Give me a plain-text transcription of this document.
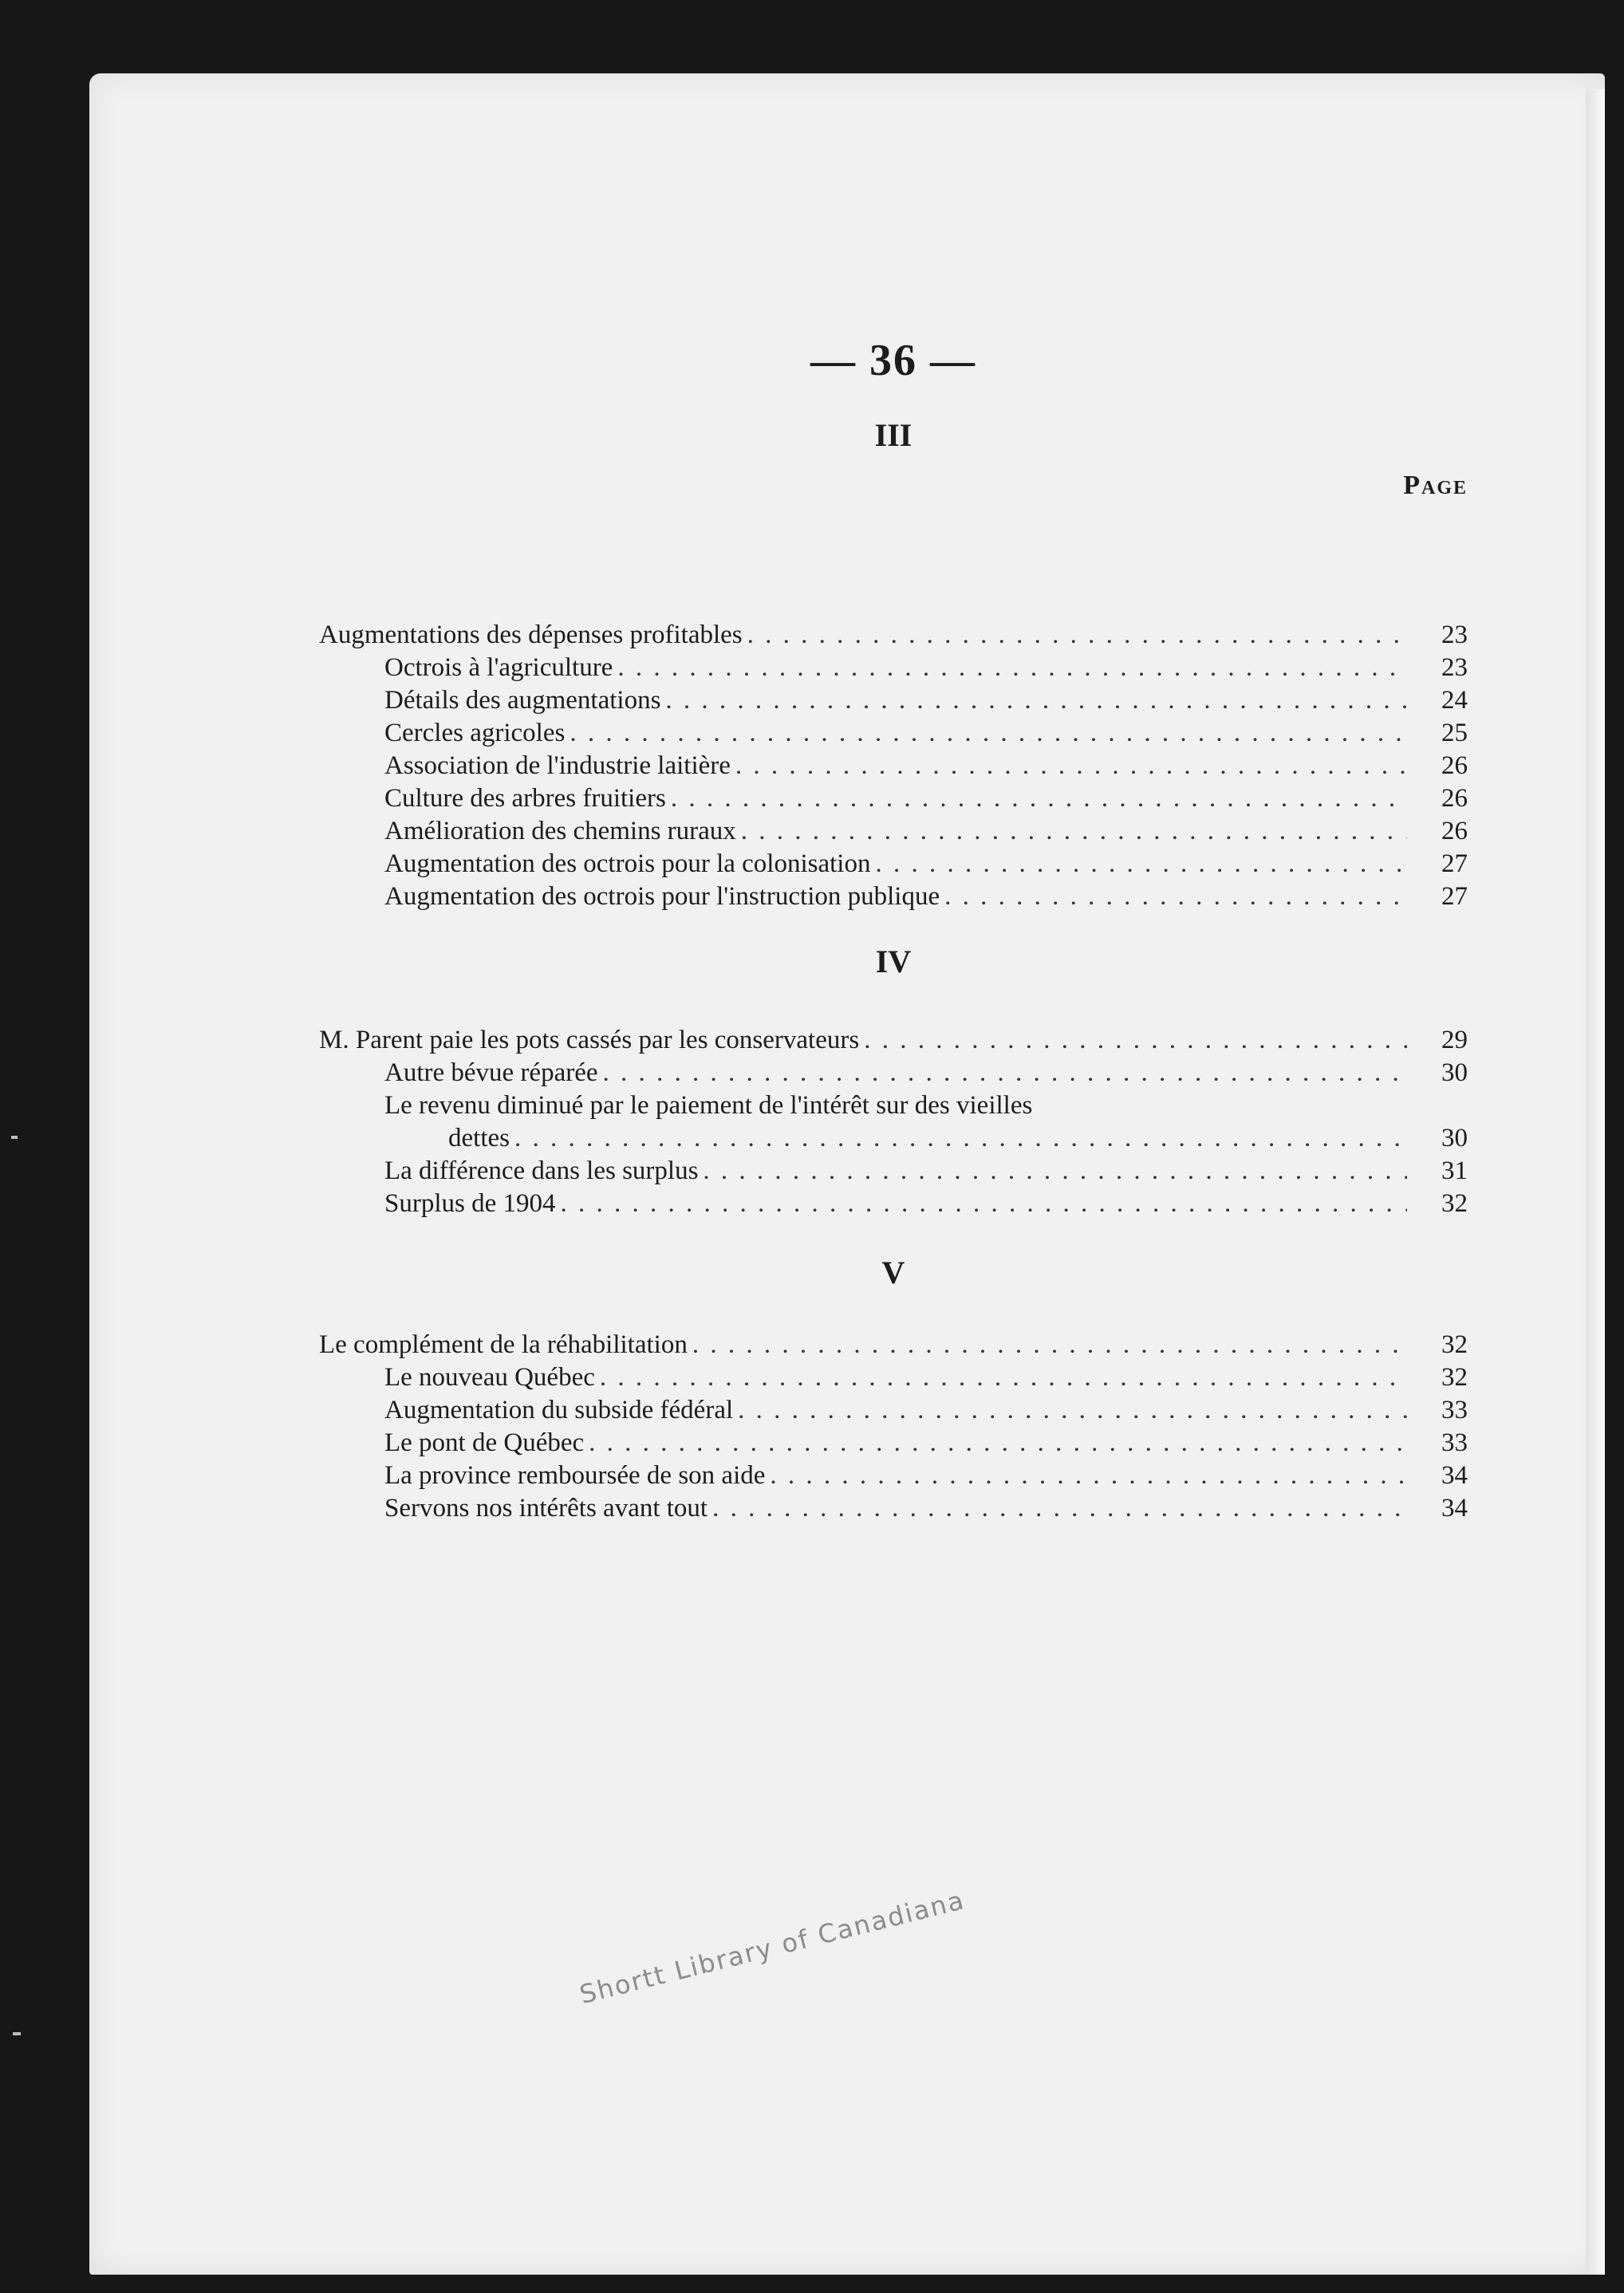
— 36 —
III
Page
Augmentations des dépenses profitables . . .	23
Octrois à l'agriculture . . .	23
Détails des augmentations . . .	24
Cercles agricoles . . .	25
Association de l'industrie laitière . . .	26
Culture des arbres fruitiers . . .	26
Amélioration des chemins ruraux . . .	26
Augmentation des octrois pour la colonisation . . .	27
Augmentation des octrois pour l'instruction publique . . .	27
IV
M. Parent paie les pots cassés par les conservateurs . . .	29
Autre bévue réparée . . .	30
Le revenu diminué par le paiement de l'intérêt sur des vieilles
dettes . . .	30
La différence dans les surplus . . .	31
Surplus de 1904 . . .	32
V
Le complément de la réhabilitation . . .	32
Le nouveau Québec . . .	32
Augmentation du subside fédéral . . .	33
Le pont de Québec . . .	33
La province remboursée de son aide . . .	34
Servons nos intérêts avant tout . . .	34
Shortt Library of Canadiana
